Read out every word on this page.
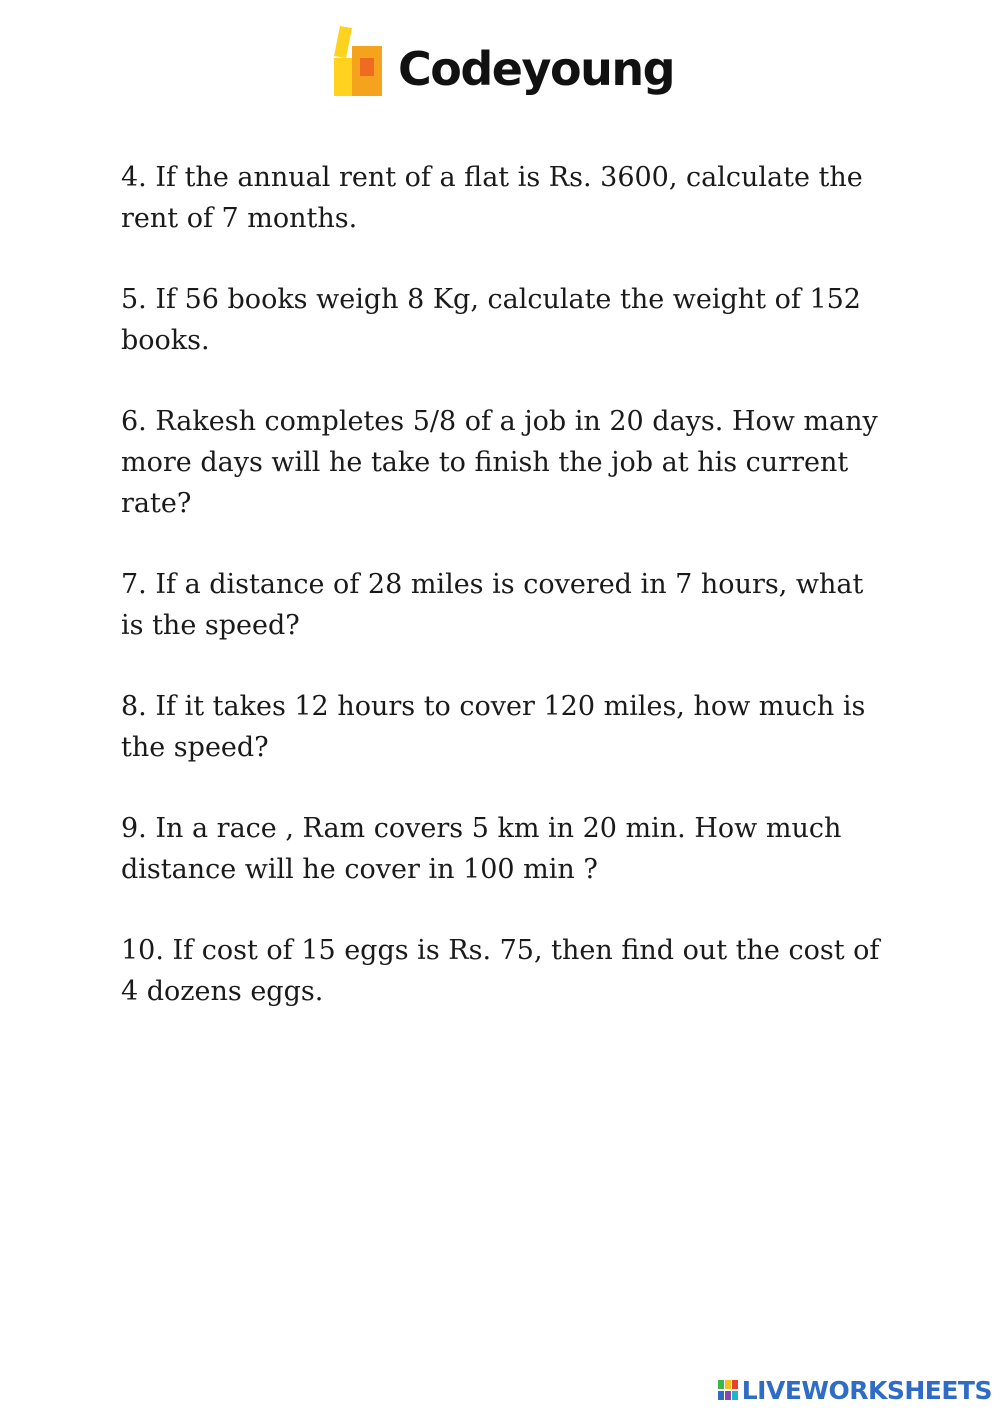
Codeyoung

4. If the annual rent of a flat is Rs. 3600, calculate the rent of 7 months.

5. If 56 books weigh 8 Kg, calculate the weight of 152 books.

6. Rakesh completes 5/8 of a job in 20 days. How many more days will he take to finish the job at his current rate?

7. If a distance of 28 miles is covered in 7 hours, what is the speed?

8. If it takes 12 hours to cover 120 miles, how much is the speed?

9. In a race , Ram covers 5 km in 20 min. How much distance will he cover in 100 min ?

10. If cost of 15 eggs is Rs. 75, then find out the cost of 4 dozens eggs.

LIVEWORKSHEETS
